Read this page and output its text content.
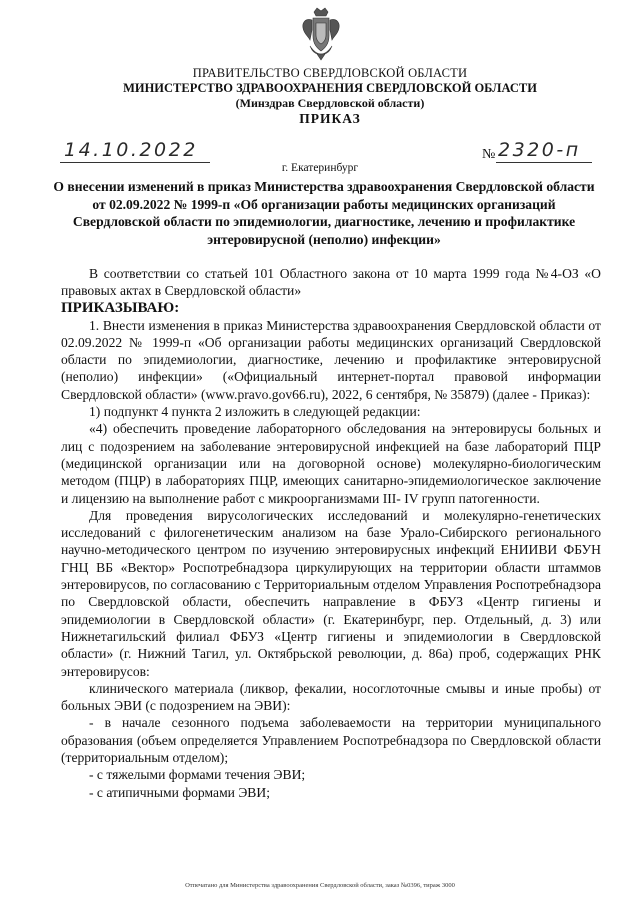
ПРАВИТЕЛЬСТВО СВЕРДЛОВСКОЙ ОБЛАСТИ
МИНИСТЕРСТВО ЗДРАВООХРАНЕНИЯ СВЕРДЛОВСКОЙ ОБЛАСТИ
(Минздрав Свердловской области)
ПРИКАЗ
14.10.2022	№ 2320-п
г. Екатеринбург
О внесении изменений в приказ Министерства здравоохранения Свердловской области от 02.09.2022 № 1999-п «Об организации работы медицинских организаций Свердловской области по эпидемиологии, диагностике, лечению и профилактике энтеровирусной (неполио) инфекции»

В соответствии со статьей 101 Областного закона от 10 марта 1999 года №4-ОЗ «О правовых актах в Свердловской области»

ПРИКАЗЫВАЮ:

1. Внести изменения в приказ Министерства здравоохранения Свердловской области от 02.09.2022 № 1999-п «Об организации работы медицинских организаций Свердловской области по эпидемиологии, диагностике, лечению и профилактике энтеровирусной (неполио) инфекции» («Официальный интернет-портал правовой информации Свердловской области» (www.pravo.gov66.ru), 2022, 6 сентября, № 35879) (далее - Приказ):

1) подпункт 4 пункта 2 изложить в следующей редакции:

«4) обеспечить проведение лабораторного обследования на энтеровирусы больных и лиц с подозрением на заболевание энтеровирусной инфекцией на базе лабораторий ПЦР (медицинской организации или на договорной основе) молекулярно-биологическим методом (ПЦР) в лабораториях ПЦР, имеющих санитарно-эпидемиологическое заключение и лицензию на выполнение работ с микроорганизмами III- IV групп патогенности.

Для проведения вирусологических исследований и молекулярно-генетических исследований с филогенетическим анализом на базе Урало-Сибирского регионального научно-методического центром по изучению энтеровирусных инфекций ЕНИИВИ ФБУН ГНЦ ВБ «Вектор» Роспотребнадзора циркулирующих на территории области штаммов энтеровирусов, по согласованию с Территориальным отделом Управления Роспотребнадзора по Свердловской области, обеспечить направление в ФБУЗ «Центр гигиены и эпидемиологии в Свердловской области» (г. Екатеринбург, пер. Отдельный, д. 3) или Нижнетагильский филиал ФБУЗ «Центр гигиены и эпидемиологии в Свердловской области» (г. Нижний Тагил, ул. Октябрьской революции, д. 86а) проб, содержащих РНК энтеровирусов:

клинического материала (ликвор, фекалии, носоглоточные смывы и иные пробы) от больных ЭВИ (с подозрением на ЭВИ):

- в начале сезонного подъема заболеваемости на территории муниципального образования (объем определяется Управлением Роспотребнадзора по Свердловской области (территориальным отделом);

- с тяжелыми формами течения ЭВИ;

- с атипичными формами ЭВИ;

Отпечатано для Министерства здравоохранения Свердловской области, заказ №0396, тираж 3000
